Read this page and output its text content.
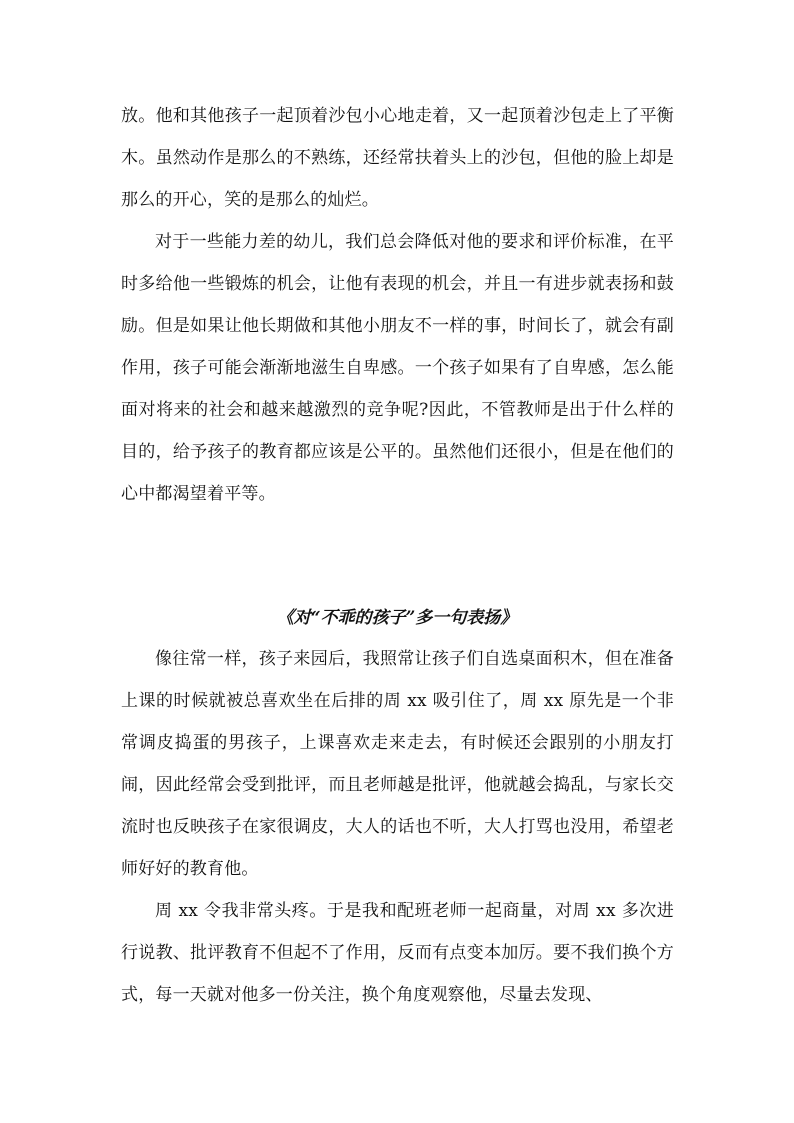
放。他和其他孩子一起顶着沙包小心地走着，又一起顶着沙包走上了平衡木。虽然动作是那么的不熟练，还经常扶着头上的沙包，但他的脸上却是那么的开心，笑的是那么的灿烂。

对于一些能力差的幼儿，我们总会降低对他的要求和评价标准，在平时多给他一些锻炼的机会，让他有表现的机会，并且一有进步就表扬和鼓励。但是如果让他长期做和其他小朋友不一样的事，时间长了，就会有副作用，孩子可能会渐渐地滋生自卑感。一个孩子如果有了自卑感，怎么能面对将来的社会和越来越激烈的竞争呢?因此，不管教师是出于什么样的目的，给予孩子的教育都应该是公平的。虽然他们还很小，但是在他们的心中都渴望着平等。

《对“不乖的孩子”多一句表扬》

像往常一样，孩子来园后，我照常让孩子们自选桌面积木，但在准备上课的时候就被总喜欢坐在后排的周 xx 吸引住了，周 xx 原先是一个非常调皮捣蛋的男孩子，上课喜欢走来走去，有时候还会跟别的小朋友打闹，因此经常会受到批评，而且老师越是批评，他就越会捣乱，与家长交流时也反映孩子在家很调皮，大人的话也不听，大人打骂也没用，希望老师好好的教育他。

周 xx 令我非常头疼。于是我和配班老师一起商量，对周 xx 多次进行说教、批评教育不但起不了作用，反而有点变本加厉。要不我们换个方式，每一天就对他多一份关注，换个角度观察他，尽量去发现、
